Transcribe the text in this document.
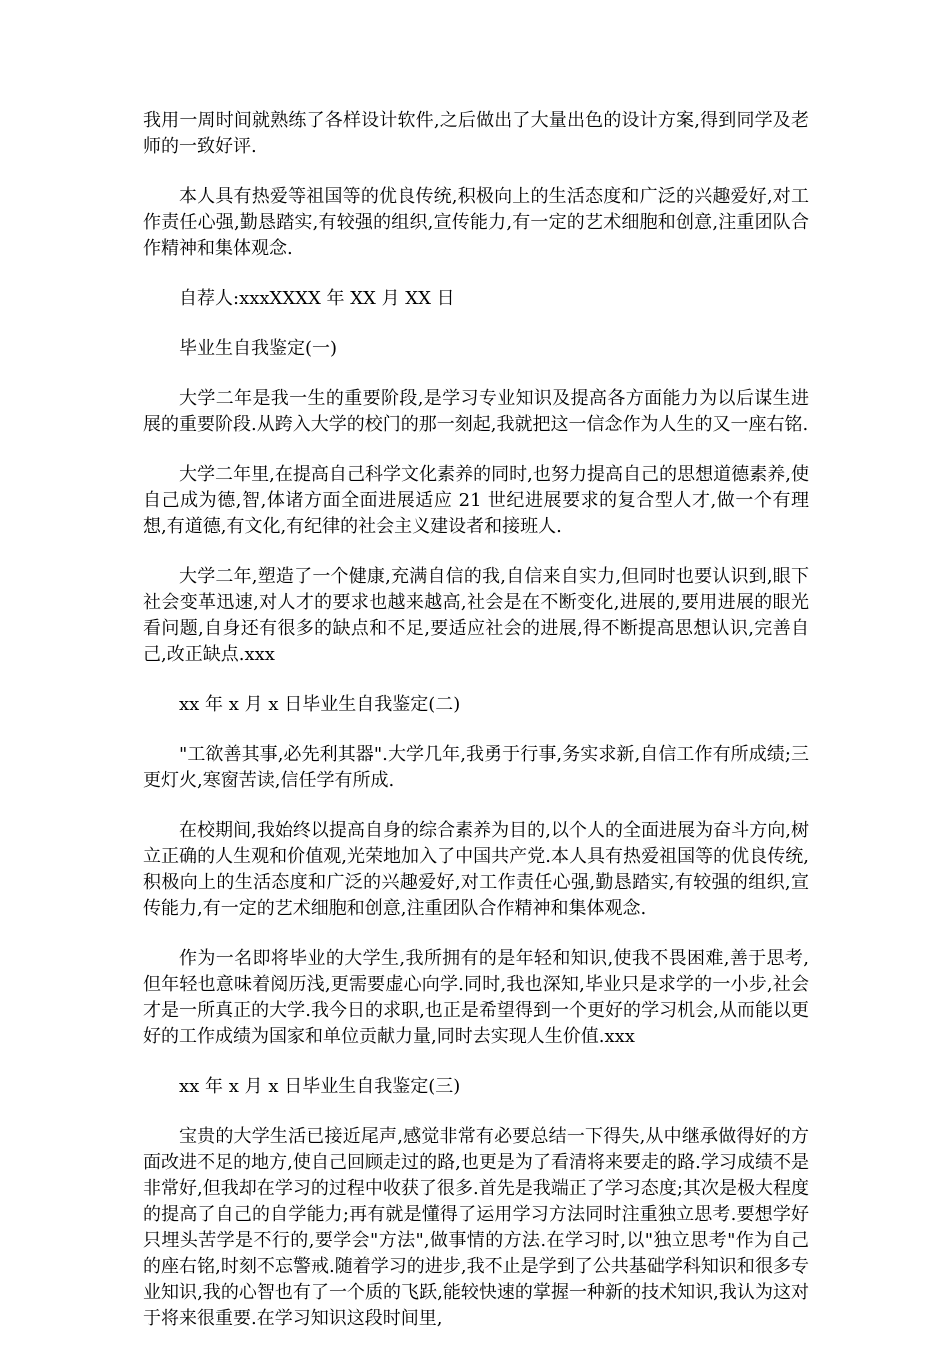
我用一周时间就熟练了各样设计软件,之后做出了大量出色的设计方案,得到同学及老师的一致好评.

本人具有热爱等祖国等的优良传统,积极向上的生活态度和广泛的兴趣爱好,对工作责任心强,勤恳踏实,有较强的组织,宣传能力,有一定的艺术细胞和创意,注重团队合作精神和集体观念.

自荐人:xxxXXXX 年 XX 月 XX 日

毕业生自我鉴定(一)

大学二年是我一生的重要阶段,是学习专业知识及提高各方面能力为以后谋生进展的重要阶段.从跨入大学的校门的那一刻起,我就把这一信念作为人生的又一座右铭.

大学二年里,在提高自己科学文化素养的同时,也努力提高自己的思想道德素养,使自己成为德,智,体诸方面全面进展适应 21 世纪进展要求的复合型人才,做一个有理想,有道德,有文化,有纪律的社会主义建设者和接班人.

大学二年,塑造了一个健康,充满自信的我,自信来自实力,但同时也要认识到,眼下社会变革迅速,对人才的要求也越来越高,社会是在不断变化,进展的,要用进展的眼光看问题,自身还有很多的缺点和不足,要适应社会的进展,得不断提高思想认识,完善自己,改正缺点.xxx

xx 年 x 月 x 日毕业生自我鉴定(二)

"工欲善其事,必先利其器".大学几年,我勇于行事,务实求新,自信工作有所成绩;三更灯火,寒窗苦读,信任学有所成.

在校期间,我始终以提高自身的综合素养为目的,以个人的全面进展为奋斗方向,树立正确的人生观和价值观,光荣地加入了中国共产党.本人具有热爱祖国等的优良传统,积极向上的生活态度和广泛的兴趣爱好,对工作责任心强,勤恳踏实,有较强的组织,宣传能力,有一定的艺术细胞和创意,注重团队合作精神和集体观念.

作为一名即将毕业的大学生,我所拥有的是年轻和知识,使我不畏困难,善于思考,但年轻也意味着阅历浅,更需要虚心向学.同时,我也深知,毕业只是求学的一小步,社会才是一所真正的大学.我今日的求职,也正是希望得到一个更好的学习机会,从而能以更好的工作成绩为国家和单位贡献力量,同时去实现人生价值.xxx

xx 年 x 月 x 日毕业生自我鉴定(三)

宝贵的大学生活已接近尾声,感觉非常有必要总结一下得失,从中继承做得好的方面改进不足的地方,使自己回顾走过的路,也更是为了看清将来要走的路.学习成绩不是非常好,但我却在学习的过程中收获了很多.首先是我端正了学习态度;其次是极大程度的提高了自己的自学能力;再有就是懂得了运用学习方法同时注重独立思考.要想学好只埋头苦学是不行的,要学会"方法",做事情的方法.在学习时,以"独立思考"作为自己的座右铭,时刻不忘警戒.随着学习的进步,我不止是学到了公共基础学科知识和很多专业知识,我的心智也有了一个质的飞跃,能较快速的掌握一种新的技术知识,我认为这对于将来很重要.在学习知识这段时间里,
